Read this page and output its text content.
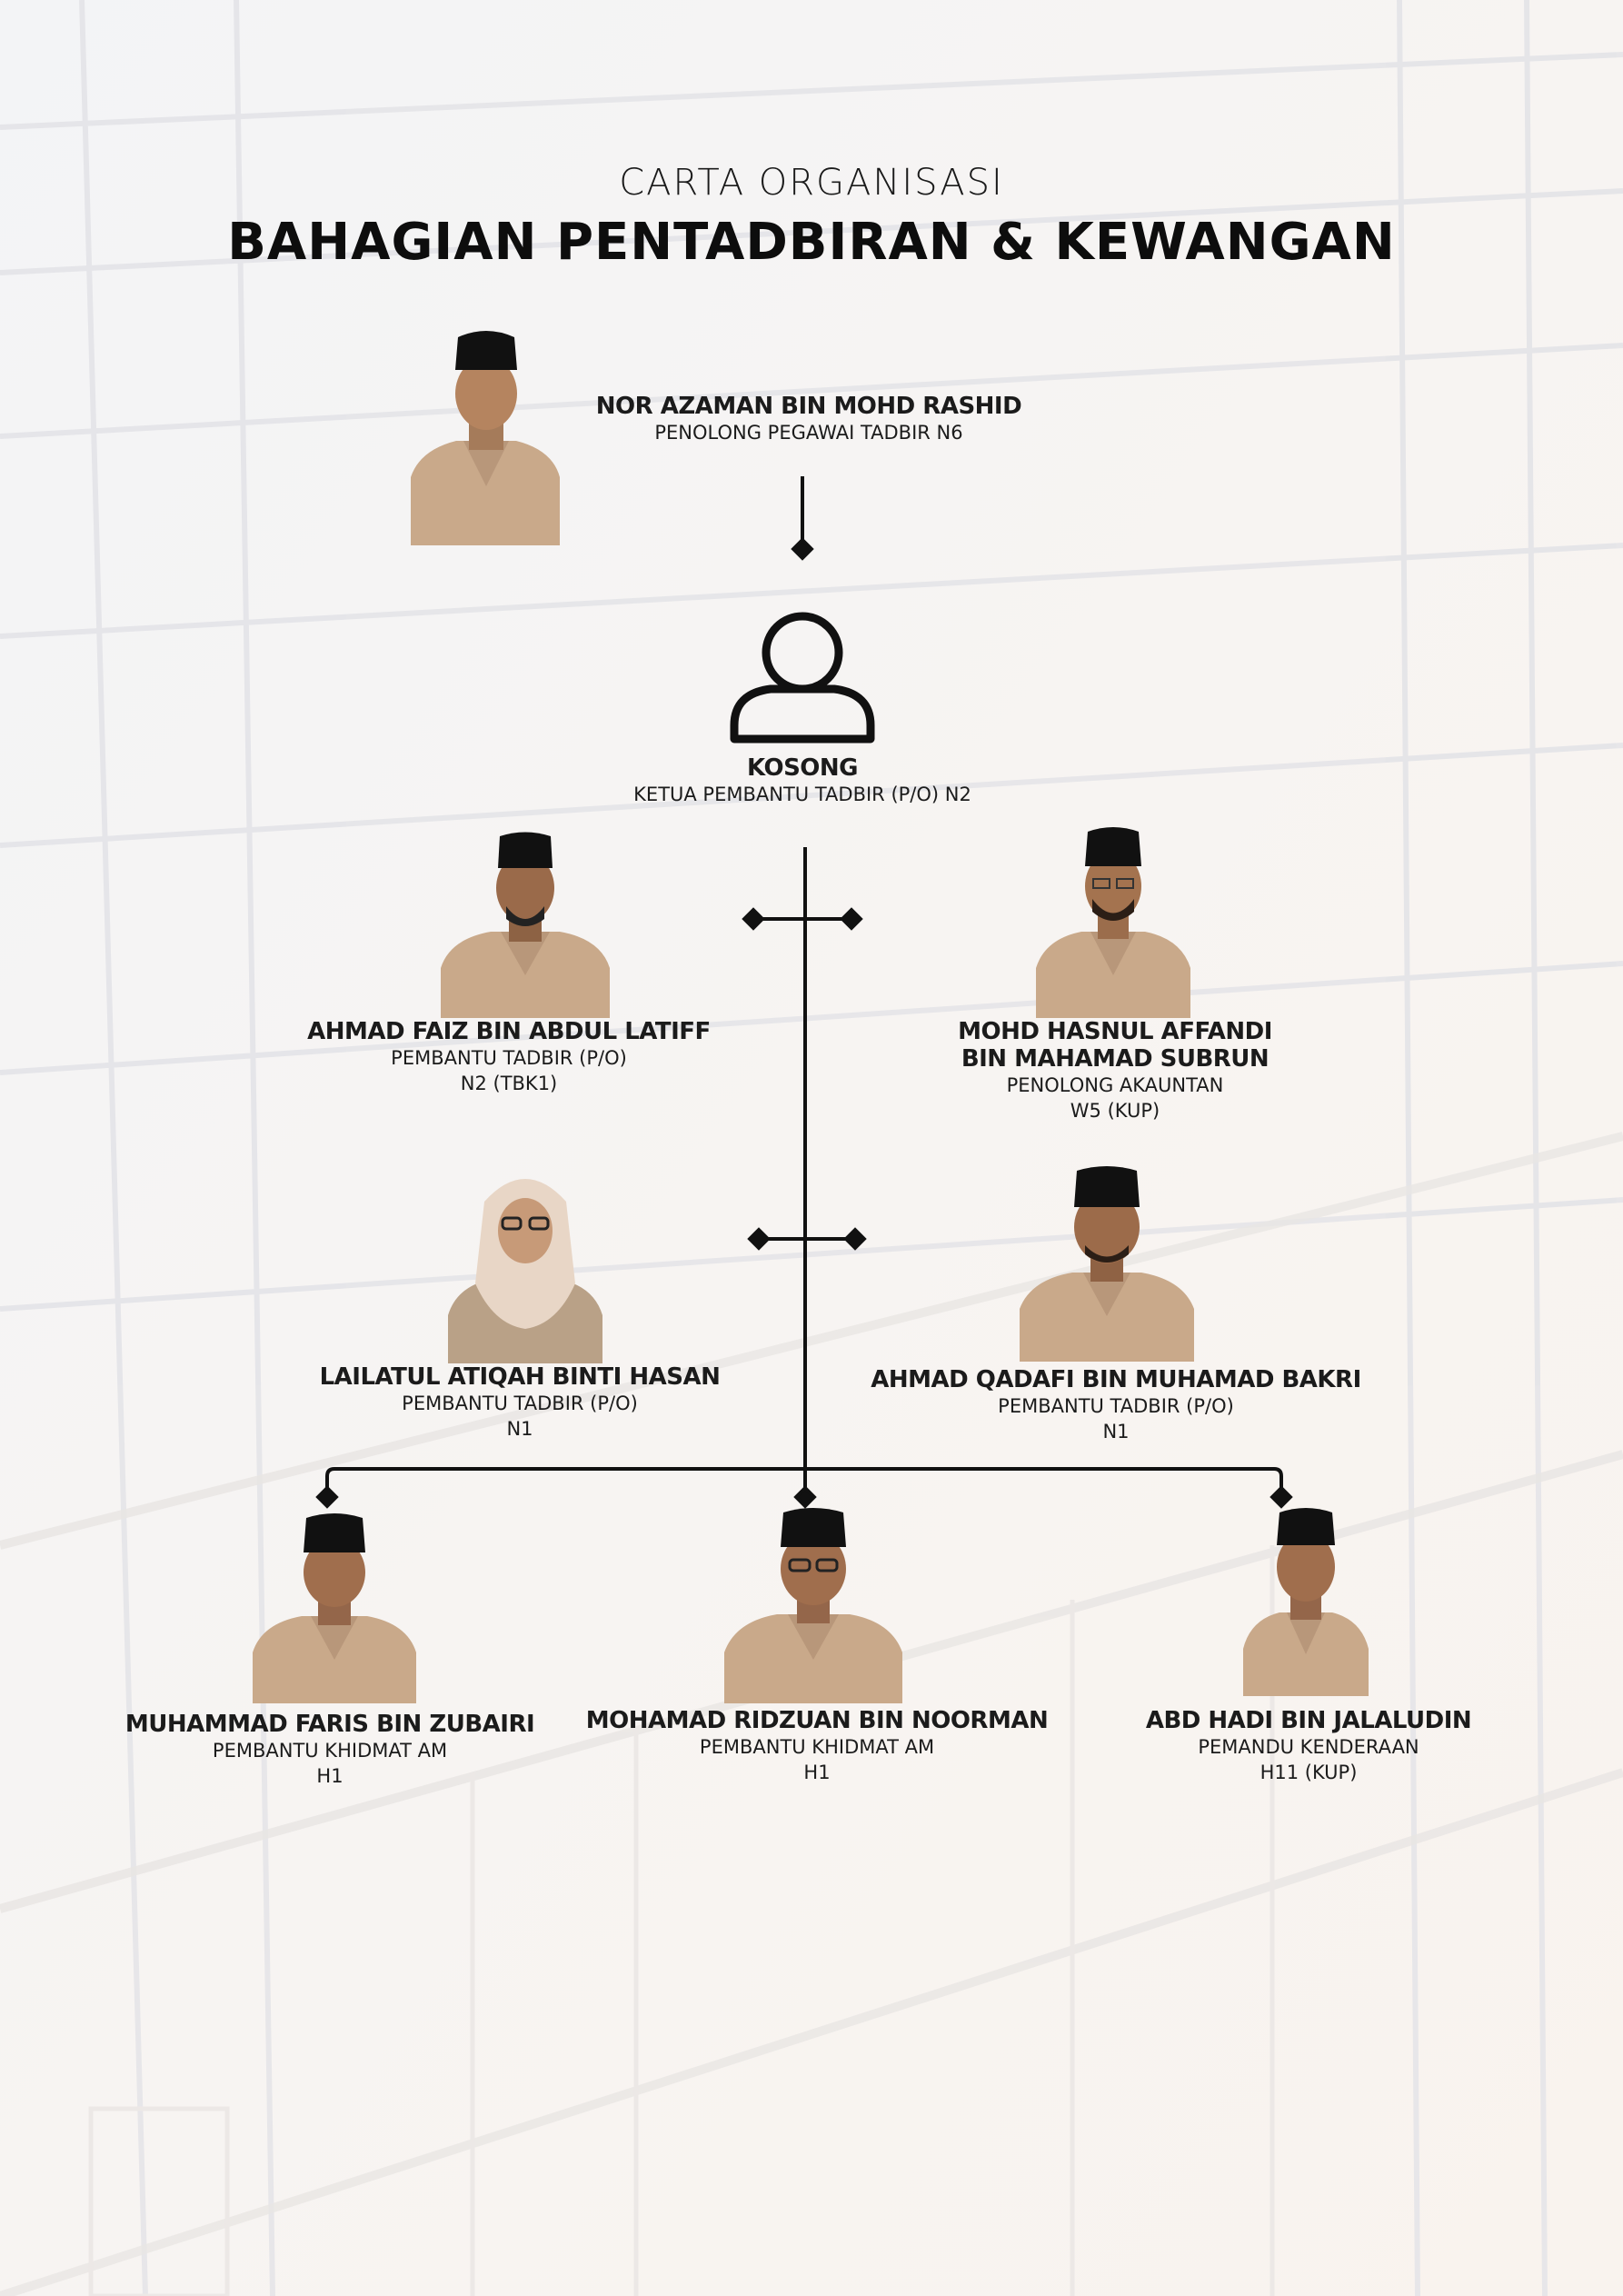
CARTA ORGANISASI
BAHAGIAN PENTADBIRAN & KEWANGAN
NOR AZAMAN BIN MOHD RASHID
PENOLONG PEGAWAI TADBIR N6
KOSONG
KETUA PEMBANTU TADBIR (P/O) N2
AHMAD FAIZ BIN ABDUL LATIFF
PEMBANTU TADBIR (P/O)
N2 (TBK1)
MOHD HASNUL AFFANDI
BIN MAHAMAD SUBRUN
PENOLONG AKAUNTAN
W5 (KUP)
LAILATUL ATIQAH BINTI HASAN
PEMBANTU TADBIR (P/O)
N1
AHMAD QADAFI BIN MUHAMAD BAKRI
PEMBANTU TADBIR (P/O)
N1
MUHAMMAD FARIS BIN ZUBAIRI
PEMBANTU KHIDMAT AM
H1
MOHAMAD RIDZUAN BIN NOORMAN
PEMBANTU KHIDMAT AM
H1
ABD HADI BIN JALALUDIN
PEMANDU KENDERAAN
H11 (KUP)
